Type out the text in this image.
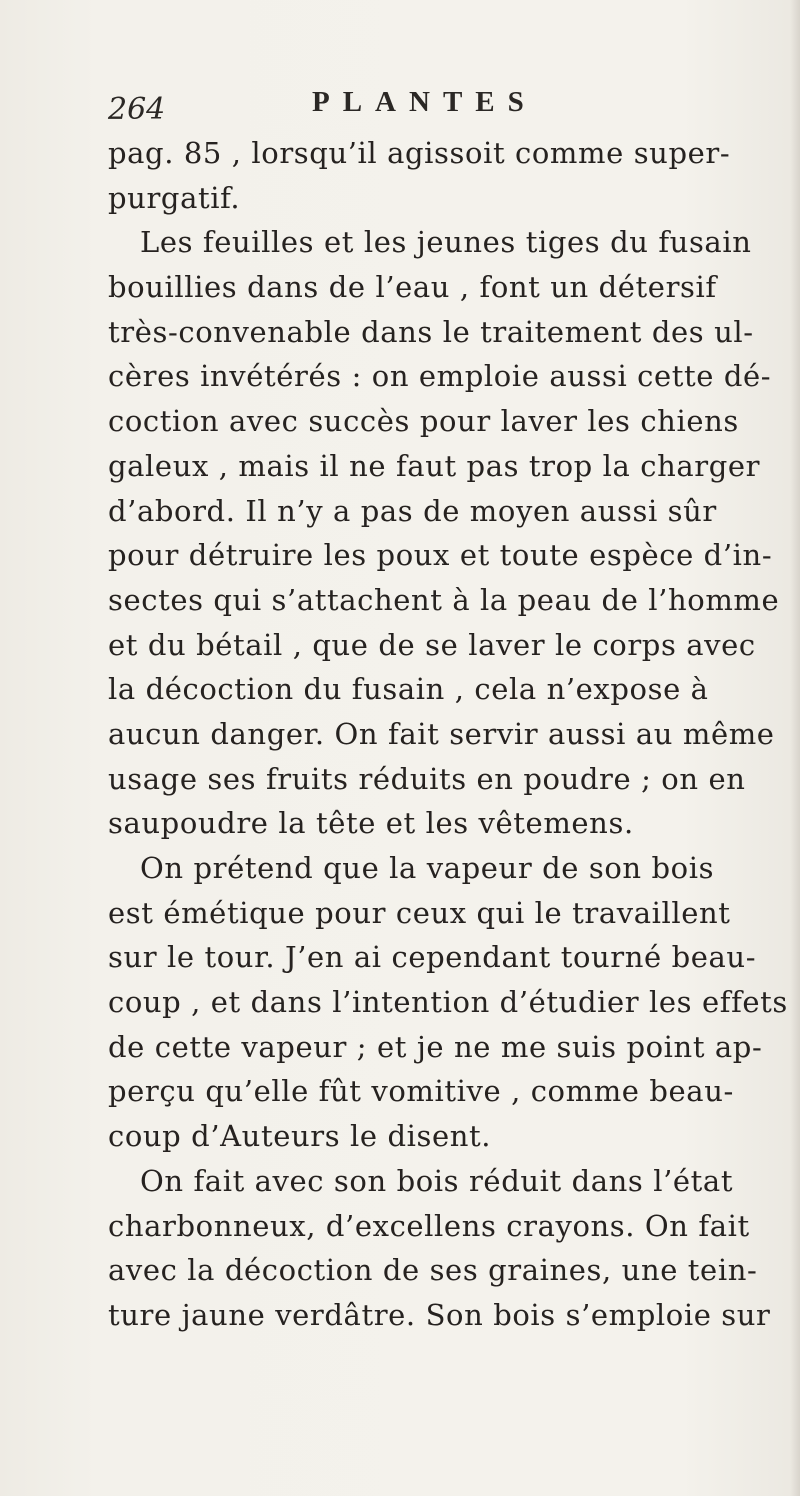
264	PLANTES
pag. 85 , lorsqu’il agissoit comme super-
purgatif.
Les feuilles et les jeunes tiges du fusain
bouillies dans de l’eau , font un détersif
très-convenable dans le traitement des ul-
cères invétérés : on emploie aussi cette dé-
coction avec succès pour laver les chiens
galeux , mais il ne faut pas trop la charger
d’abord. Il n’y a pas de moyen aussi sûr
pour détruire les poux et toute espèce d’in-
sectes qui s’attachent à la peau de l’homme
et du bétail , que de se laver le corps avec
la décoction du fusain , cela n’expose à
aucun danger. On fait servir aussi au même
usage ses fruits réduits en poudre ; on en
saupoudre la tête et les vêtemens.
On prétend que la vapeur de son bois
est émétique pour ceux qui le travaillent
sur le tour. J’en ai cependant tourné beau-
coup , et dans l’intention d’étudier les effets
de cette vapeur ; et je ne me suis point ap-
perçu qu’elle fût vomitive , comme beau-
coup d’Auteurs le disent.
On fait avec son bois réduit dans l’état
charbonneux, d’excellens crayons. On fait
avec la décoction de ses graines, une tein-
ture jaune verdâtre. Son bois s’emploie sur
